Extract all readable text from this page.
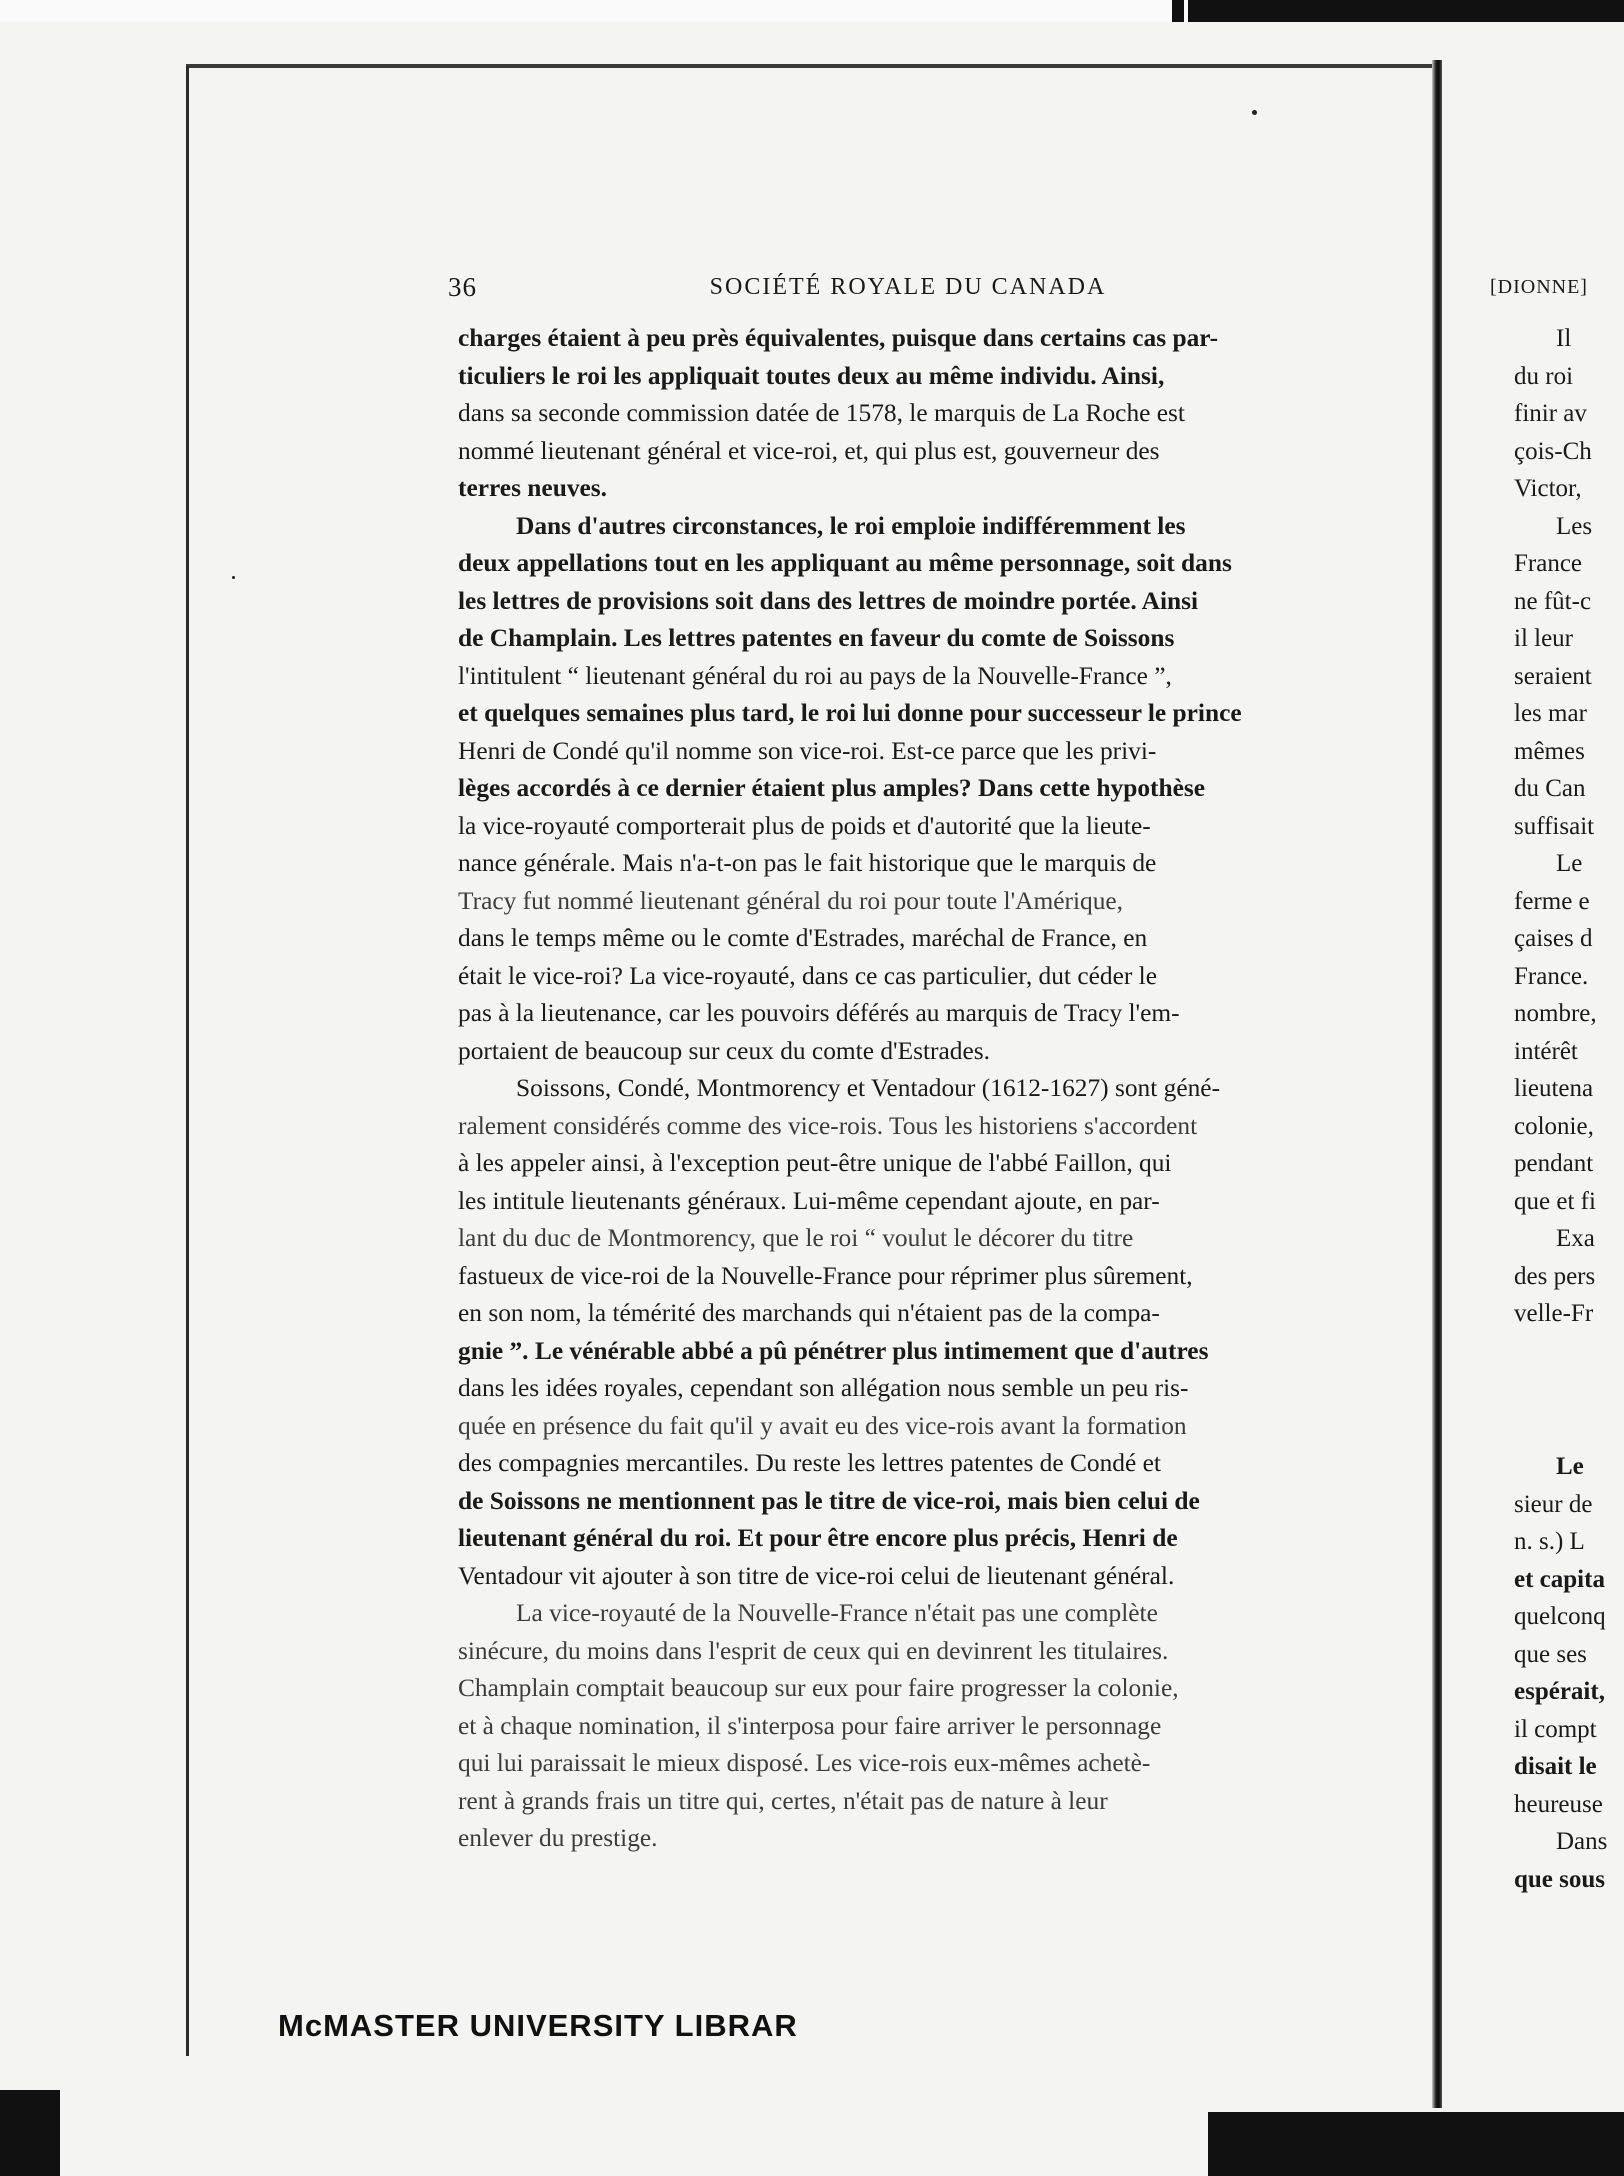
36	SOCIÉTÉ ROYALE DU CANADA

charges étaient à peu près équivalentes, puisque dans certains cas par-

ticuliers le roi les appliquait toutes deux au même individu. Ainsi,

dans sa seconde commission datée de 1578, le marquis de La Roche est

nommé lieutenant général et vice-roi, et, qui plus est, gouverneur des

terres neuves.

Dans d'autres circonstances, le roi emploie indifféremment les

deux appellations tout en les appliquant au même personnage, soit dans

les lettres de provisions soit dans des lettres de moindre portée. Ainsi

de Champlain. Les lettres patentes en faveur du comte de Soissons

l'intitulent “ lieutenant général du roi au pays de la Nouvelle-France ”,

et quelques semaines plus tard, le roi lui donne pour successeur le prince

Henri de Condé qu'il nomme son vice-roi. Est-ce parce que les privi-

lèges accordés à ce dernier étaient plus amples? Dans cette hypothèse

la vice-royauté comporterait plus de poids et d'autorité que la lieute-

nance générale. Mais n'a-t-on pas le fait historique que le marquis de

Tracy fut nommé lieutenant général du roi pour toute l'Amérique,

dans le temps même ou le comte d'Estrades, maréchal de France, en

était le vice-roi? La vice-royauté, dans ce cas particulier, dut céder le

pas à la lieutenance, car les pouvoirs déférés au marquis de Tracy l'em-

portaient de beaucoup sur ceux du comte d'Estrades.

Soissons, Condé, Montmorency et Ventadour (1612-1627) sont géné-

ralement considérés comme des vice-rois. Tous les historiens s'accordent

à les appeler ainsi, à l'exception peut-être unique de l'abbé Faillon, qui

les intitule lieutenants généraux. Lui-même cependant ajoute, en par-

lant du duc de Montmorency, que le roi “ voulut le décorer du titre

fastueux de vice-roi de la Nouvelle-France pour réprimer plus sûrement,

en son nom, la témérité des marchands qui n'étaient pas de la compa-

gnie ”. Le vénérable abbé a pû pénétrer plus intimement que d'autres

dans les idées royales, cependant son allégation nous semble un peu ris-

quée en présence du fait qu'il y avait eu des vice-rois avant la formation

des compagnies mercantiles. Du reste les lettres patentes de Condé et

de Soissons ne mentionnent pas le titre de vice-roi, mais bien celui de

lieutenant général du roi. Et pour être encore plus précis, Henri de

Ventadour vit ajouter à son titre de vice-roi celui de lieutenant général.

La vice-royauté de la Nouvelle-France n'était pas une complète

sinécure, du moins dans l'esprit de ceux qui en devinrent les titulaires.

Champlain comptait beaucoup sur eux pour faire progresser la colonie,

et à chaque nomination, il s'interposa pour faire arriver le personnage

qui lui paraissait le mieux disposé. Les vice-rois eux-mêmes achetè-

rent à grands frais un titre qui, certes, n'était pas de nature à leur

enlever du prestige.

McMASTER UNIVERSITY LIBRAR
[DIONNE]
Il
du roi
finir av
çois-Ch
Victor,
Les
France
ne fût-c
il leur
seraient
les mar
mêmes
du Can
suffisait
Le
ferme e
çaises d
France.
nombre,
intérêt
lieutena
colonie,
pendant
que et fi
Exa
des pers
velle-Fr
Le
sieur de
n. s.) L
et capita
quelconq
que ses
espérait,
il compt
disait le
heureuse
Dans
que sous
